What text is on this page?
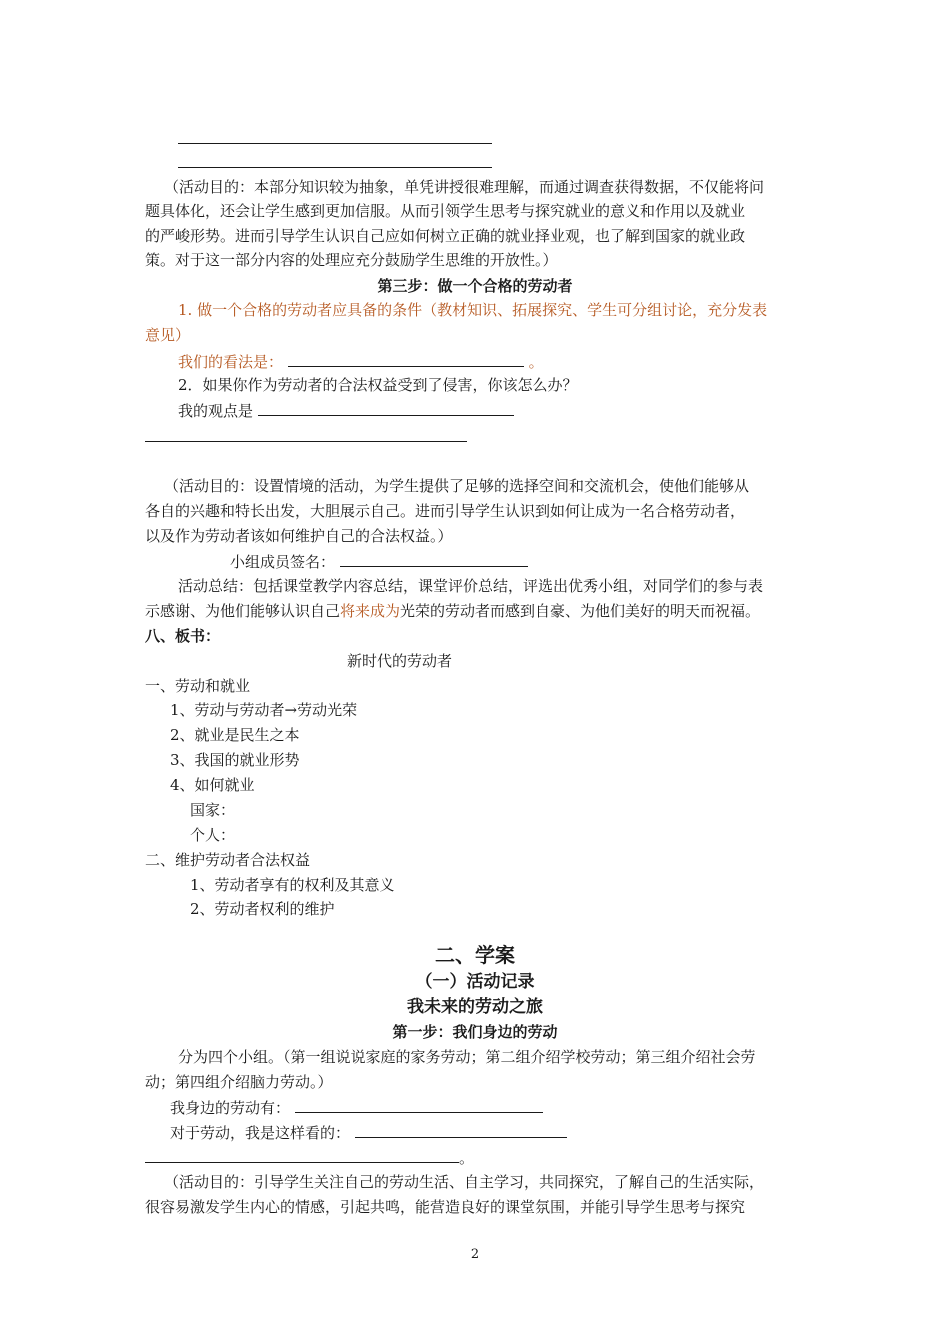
（活动目的：本部分知识较为抽象，单凭讲授很难理解，而通过调查获得数据，不仅能将问
题具体化，还会让学生感到更加信服。从而引领学生思考与探究就业的意义和作用以及就业
的严峻形势。进而引导学生认识自己应如何树立正确的就业择业观，也了解到国家的就业政
策。对于这一部分内容的处理应充分鼓励学生思维的开放性。）
第三步：做一个合格的劳动者
1. 做一个合格的劳动者应具备的条件（教材知识、拓展探究、学生可分组讨论，充分发表
意见）
我们的看法是：	。
2．如果你作为劳动者的合法权益受到了侵害，你该怎么办？
我的观点是
（活动目的：设置情境的活动，为学生提供了足够的选择空间和交流机会，使他们能够从
各自的兴趣和特长出发，大胆展示自己。进而引导学生认识到如何让成为一名合格劳动者，
以及作为劳动者该如何维护自己的合法权益。）
小组成员签名：
活动总结：包括课堂教学内容总结，课堂评价总结，评选出优秀小组，对同学们的参与表
示感谢、为他们能够认识自己将来成为光荣的劳动者而感到自豪、为他们美好的明天而祝福。
八、板书：
新时代的劳动者
一、劳动和就业
1、劳动与劳动者→劳动光荣
2、就业是民生之本
3、我国的就业形势
4、如何就业
国家：
个人：
二、维护劳动者合法权益
1、劳动者享有的权利及其意义
2、劳动者权利的维护
二、学案
（一）活动记录
我未来的劳动之旅
第一步：我们身边的劳动
分为四个小组。（第一组说说家庭的家务劳动；第二组介绍学校劳动；第三组介绍社会劳
动；第四组介绍脑力劳动。）
我身边的劳动有：
对于劳动，我是这样看的：
。
（活动目的：引导学生关注自己的劳动生活、自主学习，共同探究，了解自己的生活实际，
很容易激发学生内心的情感，引起共鸣，能营造良好的课堂氛围，并能引导学生思考与探究
2
